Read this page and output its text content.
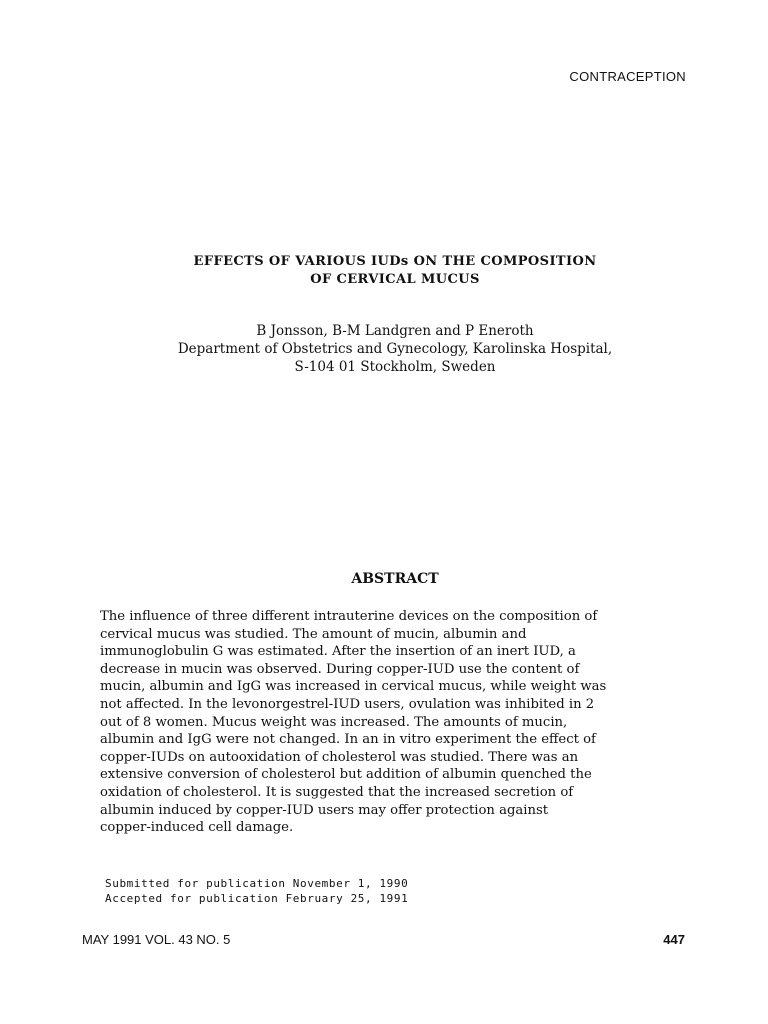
CONTRACEPTION
EFFECTS OF VARIOUS IUDs ON THE COMPOSITION
OF CERVICAL MUCUS
B Jonsson, B-M Landgren and P Eneroth
Department of Obstetrics and Gynecology, Karolinska Hospital,
S-104 01 Stockholm, Sweden
ABSTRACT
The influence of three different intrauterine devices on the composition of
cervical mucus was studied. The amount of mucin, albumin and
immunoglobulin G was estimated. After the insertion of an inert IUD, a
decrease in mucin was observed. During copper-IUD use the content of
mucin, albumin and IgG was increased in cervical mucus, while weight was
not affected. In the levonorgestrel-IUD users, ovulation was inhibited in 2
out of 8 women. Mucus weight was increased. The amounts of mucin,
albumin and IgG were not changed. In an in vitro experiment the effect of
copper-IUDs on autooxidation of cholesterol was studied. There was an
extensive conversion of cholesterol but addition of albumin quenched the
oxidation of cholesterol. It is suggested that the increased secretion of
albumin induced by copper-IUD users may offer protection against
copper-induced cell damage.
Submitted for publication November 1, 1990
Accepted for publication February 25, 1991
MAY 1991 VOL. 43 NO. 5	447
